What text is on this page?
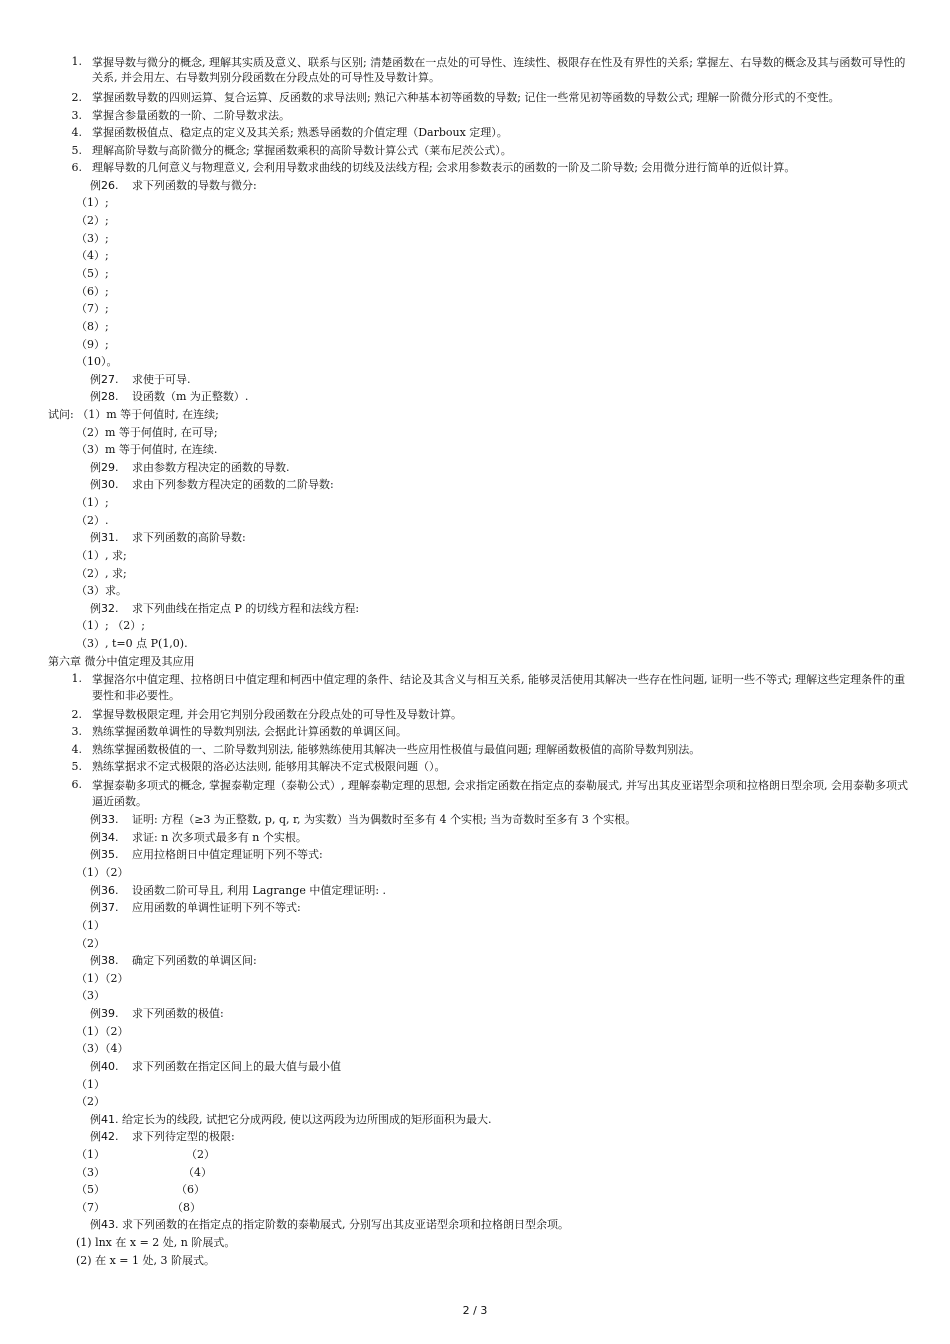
1. 掌握导数与微分的概念, 理解其实质及意义、联系与区别; 清楚函数在一点处的可导性、连续性、极限存在性及有界性的关系; 掌握左、右导数的概念及其与函数可导性的关系, 并会用左、右导数判别分段函数在分段点处的可导性及导数计算。
2. 掌握函数导数的四则运算、复合运算、反函数的求导法则; 熟记六种基本初等函数的导数; 记住一些常见初等函数的导数公式; 理解一阶微分形式的不变性。
3. 掌握含参量函数的一阶、二阶导数求法。
4. 掌握函数极值点、稳定点的定义及其关系; 熟悉导函数的介值定理（Darboux 定理）。
5. 理解高阶导数与高阶微分的概念; 掌握函数乘积的高阶导数计算公式（莱布尼茨公式）。
6. 理解导数的几何意义与物理意义, 会利用导数求曲线的切线及法线方程; 会求用参数表示的函数的一阶及二阶导数; 会用微分进行简单的近似计算。
例26. 求下列函数的导数与微分:
（1）;
（2）;
（3）;
（4）;
（5）;
（6）;
（7）;
（8）;
（9）;
（10）。
例27. 求使于可导.
例28. 设函数（m 为正整数）.
试问: （1）m 等于何值时, 在连续;
（2）m 等于何值时, 在可导;
（3）m 等于何值时, 在连续.
例29. 求由参数方程决定的函数的导数.
例30. 求由下列参数方程决定的函数的二阶导数:
（1）;
（2）.
例31. 求下列函数的高阶导数:
（1）, 求;
（2）, 求;
（3）求。
例32. 求下列曲线在指定点 P 的切线方程和法线方程:
（1）; （2）;
（3）, t=0 点 P(1,0).
第六章 微分中值定理及其应用
1. 掌握洛尔中值定理、拉格朗日中值定理和柯西中值定理的条件、结论及其含义与相互关系, 能够灵活使用其解决一些存在性问题, 证明一些不等式; 理解这些定理条件的重要性和非必要性。
2. 掌握导数极限定理, 并会用它判别分段函数在分段点处的可导性及导数计算。
3. 熟练掌握函数单调性的导数判别法, 会据此计算函数的单调区间。
4. 熟练掌握函数极值的一、二阶导数判别法, 能够熟练使用其解决一些应用性极值与最值问题; 理解函数极值的高阶导数判别法。
5. 熟练掌据求不定式极限的洛必达法则, 能够用其解决不定式极限问题（）。
6. 掌握泰勒多项式的概念, 掌握泰勒定理（泰勒公式）, 理解泰勒定理的思想, 会求指定函数在指定点的泰勒展式, 并写出其皮亚诺型余项和拉格朗日型余项, 会用泰勒多项式逼近函数。
例33. 证明: 方程（≥3 为正整数, p, q, r, 为实数）当为偶数时至多有 4 个实根; 当为奇数时至多有 3 个实根。
例34. 求证: n 次多项式最多有 n 个实根。
例35. 应用拉格朗日中值定理证明下列不等式:
（1）（2）
例36. 设函数二阶可导且, 利用 Lagrange 中值定理证明: .
例37. 应用函数的单调性证明下列不等式:
（1）
（2）
例38. 确定下列函数的单调区间:
（1）（2）
（3）
例39. 求下列函数的极值:
（1）（2）
（3）（4）
例40. 求下列函数在指定区间上的最大值与最小值
（1）
（2）
例41. 给定长为的线段, 试把它分成两段, 使以这两段为边所围成的矩形面积为最大.
例42. 求下列待定型的极限:
（1）	（2）
（3）	（4）
（5）	（6）
（7）	（8）
例43. 求下列函数的在指定点的指定阶数的泰勒展式, 分别写出其皮亚诺型余项和拉格朗日型余项。
(1) lnx 在 x = 2 处, n 阶展式。
(2) 在 x = 1 处, 3 阶展式。
2 / 3
